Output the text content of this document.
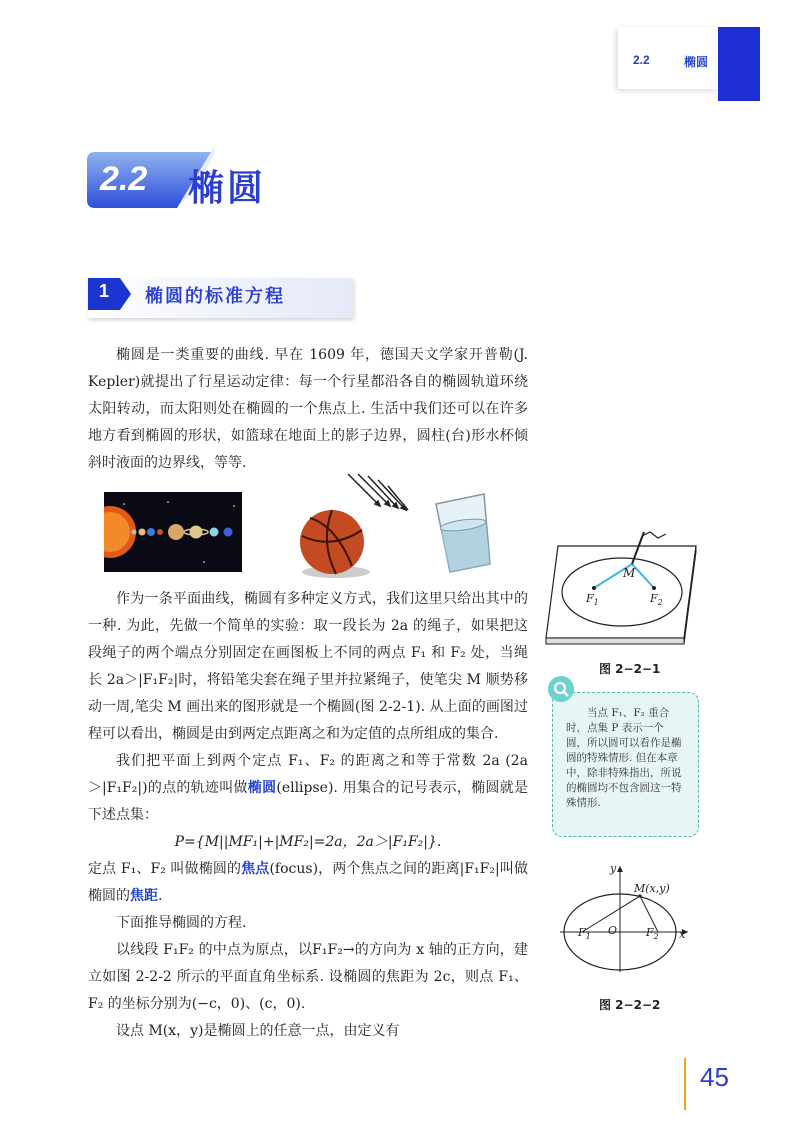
2.2	椭圆
2.2 椭圆
1 椭圆的标准方程

椭圆是一类重要的曲线. 早在 1609 年，德国天文学家开普勒(J. Kepler)就提出了行星运动定律：每一个行星都沿各自的椭圆轨道环绕太阳转动，而太阳则处在椭圆的一个焦点上. 生活中我们还可以在许多地方看到椭圆的形状，如篮球在地面上的影子边界，圆柱(台)形水杯倾斜时液面的边界线，等等.

M
$F_1$	$F_2$
图 2−2−1
当点 F₁、F₂ 重合时，点集 P 表示一个圆，所以圆可以看作是椭圆的特殊情形. 但在本章中，除非特殊指出，所说的椭圆均不包含圆这一特殊情形.

作为一条平面曲线，椭圆有多种定义方式，我们这里只给出其中的一种. 为此，先做一个简单的实验：取一段长为 2a 的绳子，如果把这段绳子的两个端点分别固定在画图板上不同的两点 F₁ 和 F₂ 处，当绳长 2a＞|F₁F₂|时，将铅笔尖套在绳子里并拉紧绳子，使笔尖 M 顺势移动一周,笔尖 M 画出来的图形就是一个椭圆(图 2-2-1). 从上面的画图过程可以看出，椭圆是由到两定点距离之和为定值的点所组成的集合.

我们把平面上到两个定点 F₁、F₂ 的距离之和等于常数 2a (2a＞|F₁F₂|)的点的轨迹叫做椭圆(ellipse). 用集合的记号表示，椭圆就是下述点集：

P={M||MF₁|+|MF₂|=2a，2a＞|F₁F₂|}.

定点 F₁、F₂ 叫做椭圆的焦点(focus)，两个焦点之间的距离|F₁F₂|叫做椭圆的焦距.

下面推导椭圆的方程.

以线段 F₁F₂ 的中点为原点，以F₁F₂→的方向为 x 轴的正方向，建立如图 2-2-2 所示的平面直角坐标系. 设椭圆的焦距为 2c，则点 F₁、F₂ 的坐标分别为(−c，0)、(c，0).

设点 M(x，y)是椭圆上的任意一点，由定义有

y
x
O
M(x,y)
$F_1$	$F_2$
图 2−2−2
45
